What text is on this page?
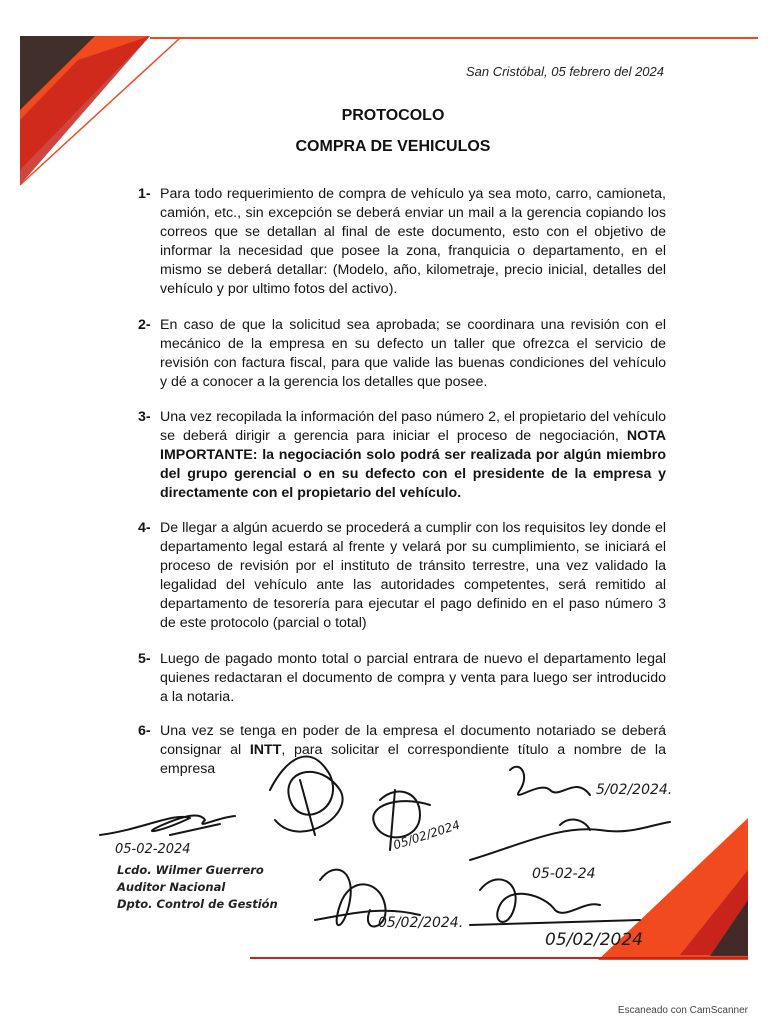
San Cristóbal, 05 febrero del 2024
PROTOCOLO
COMPRA DE VEHICULOS
1- Para todo requerimiento de compra de vehículo ya sea moto, carro, camioneta, camión, etc., sin excepción se deberá enviar un mail a la gerencia copiando los correos que se detallan al final de este documento, esto con el objetivo de informar la necesidad que posee la zona, franquicia o departamento, en el mismo se deberá detallar: (Modelo, año, kilometraje, precio inicial, detalles del vehículo y por ultimo fotos del activo).
2- En caso de que la solicitud sea aprobada; se coordinara una revisión con el mecánico de la empresa en su defecto un taller que ofrezca el servicio de revisión con factura fiscal, para que valide las buenas condiciones del vehículo y dé a conocer a la gerencia los detalles que posee.
3- Una vez recopilada la información del paso número 2, el propietario del vehículo se deberá dirigir a gerencia para iniciar el proceso de negociación, NOTA IMPORTANTE: la negociación solo podrá ser realizada por algún miembro del grupo gerencial o en su defecto con el presidente de la empresa y directamente con el propietario del vehículo.
4- De llegar a algún acuerdo se procederá a cumplir con los requisitos ley donde el departamento legal estará al frente y velará por su cumplimiento, se iniciará el proceso de revisión por el instituto de tránsito terrestre, una vez validado la legalidad del vehículo ante las autoridades competentes, será remitido al departamento de tesorería para ejecutar el pago definido en el paso número 3 de este protocolo (parcial o total)
5- Luego de pagado monto total o parcial entrara de nuevo el departamento legal quienes redactaran el documento de compra y venta para luego ser introducido a la notaria.
6- Una vez se tenga en poder de la empresa el documento notariado se deberá consignar al INTT, para solicitar el correspondiente título a nombre de la empresa
05-02-2024	05/02/2024
5/02/2024.
05-02-24
05/02/2024.
05/02/2024
Lcdo. Wilmer Guerrero
Auditor Nacional
Dpto. Control de Gestión
Escaneado con CamScanner
